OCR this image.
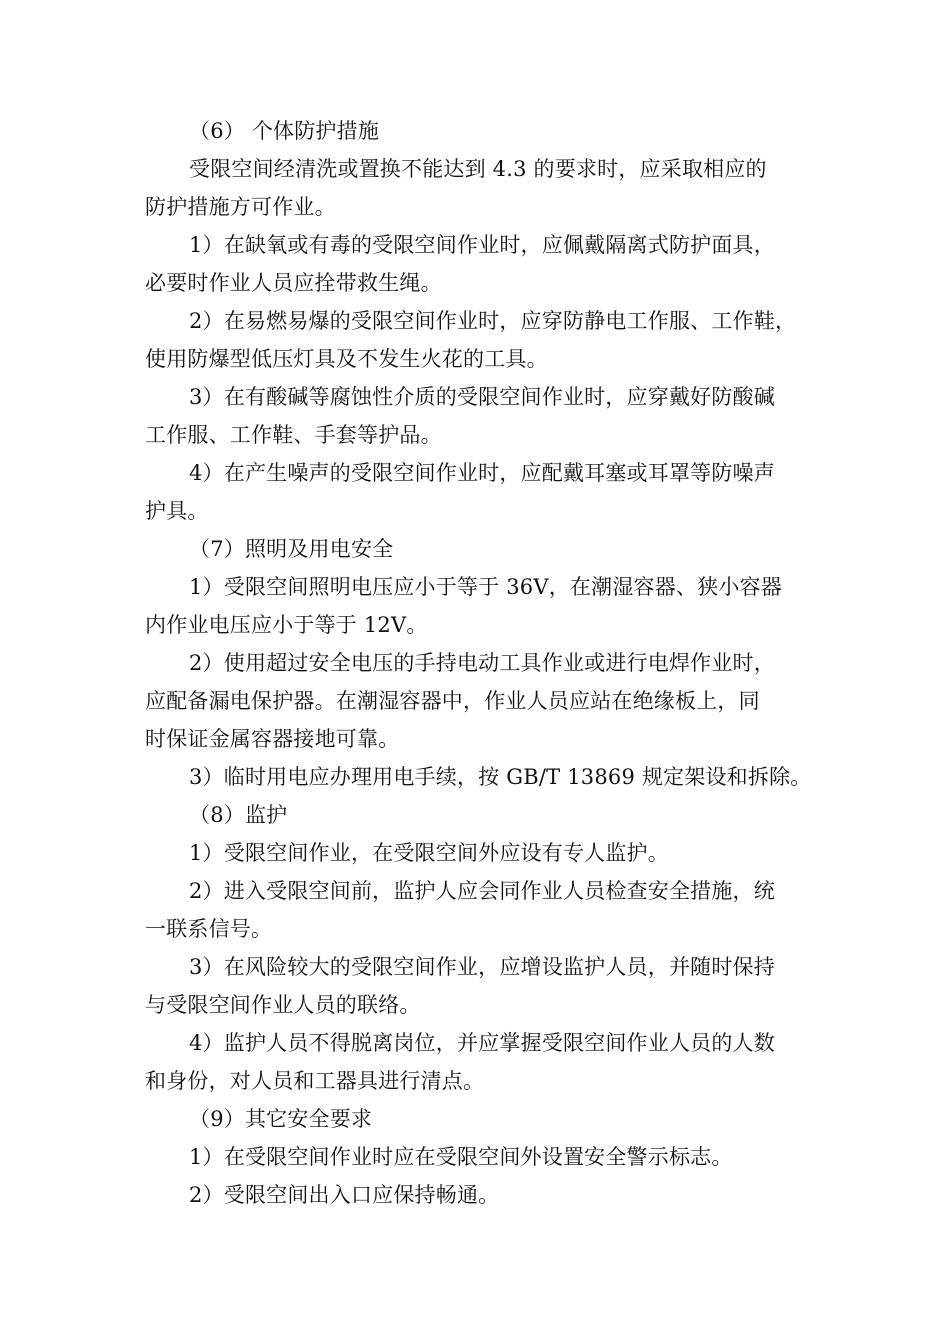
（6） 个体防护措施
受限空间经清洗或置换不能达到 4.3 的要求时，应采取相应的
防护措施方可作业。
1）在缺氧或有毒的受限空间作业时，应佩戴隔离式防护面具，
必要时作业人员应拴带救生绳。
2）在易燃易爆的受限空间作业时，应穿防静电工作服、工作鞋，
使用防爆型低压灯具及不发生火花的工具。
3）在有酸碱等腐蚀性介质的受限空间作业时，应穿戴好防酸碱
工作服、工作鞋、手套等护品。
4）在产生噪声的受限空间作业时，应配戴耳塞或耳罩等防噪声
护具。
（7）照明及用电安全
1）受限空间照明电压应小于等于 36V，在潮湿容器、狭小容器
内作业电压应小于等于 12V。
2）使用超过安全电压的手持电动工具作业或进行电焊作业时，
应配备漏电保护器。在潮湿容器中，作业人员应站在绝缘板上，同
时保证金属容器接地可靠。
3）临时用电应办理用电手续，按 GB/T 13869 规定架设和拆除。
（8）监护
1）受限空间作业，在受限空间外应设有专人监护。
2）进入受限空间前，监护人应会同作业人员检查安全措施，统
一联系信号。
3）在风险较大的受限空间作业，应增设监护人员，并随时保持
与受限空间作业人员的联络。
4）监护人员不得脱离岗位，并应掌握受限空间作业人员的人数
和身份，对人员和工器具进行清点。
（9）其它安全要求
1）在受限空间作业时应在受限空间外设置安全警示标志。
2）受限空间出入口应保持畅通。
